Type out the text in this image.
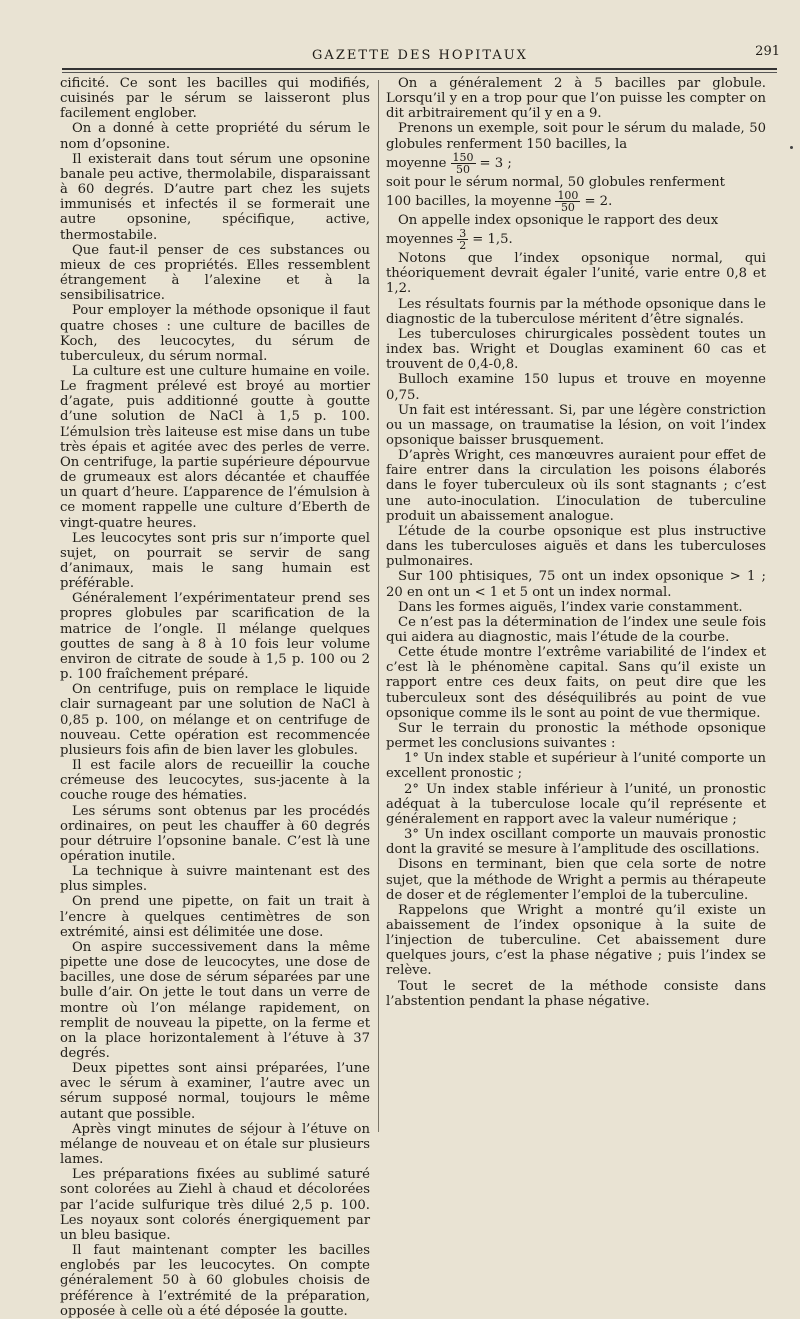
GAZETTE DES HOPITAUX	291

cificité. Ce sont les bacilles qui modifiés, cuisinés par le sérum se laisseront plus facilement englober.

On a donné à cette propriété du sérum le nom d’opsonine.

Il existerait dans tout sérum une opsonine banale peu active, thermolabile, disparaissant à 60 degrés. D’autre part chez les sujets immunisés et infectés il se formerait une autre opsonine, spécifique, active, thermostabile.

Que faut-il penser de ces substances ou mieux de ces propriétés. Elles ressemblent étrangement à l’alexine et à la sensibilisatrice.

Pour employer la méthode opsonique il faut quatre choses : une culture de bacilles de Koch, des leucocytes, du sérum de tuberculeux, du sérum normal.

La culture est une culture humaine en voile. Le fragment prélevé est broyé au mortier d’agate, puis additionné goutte à goutte d’une solution de NaCl à 1,5 p. 100. L’émulsion très laiteuse est mise dans un tube très épais et agitée avec des perles de verre. On centrifuge, la partie supérieure dépourvue de grumeaux est alors décantée et chauffée un quart d’heure. L’apparence de l’émulsion à ce moment rappelle une culture d’Eberth de vingt-quatre heures.

Les leucocytes sont pris sur n’importe quel sujet, on pourrait se servir de sang d’animaux, mais le sang humain est préférable.

Généralement l’expérimentateur prend ses propres globules par scarification de la matrice de l’ongle. Il mélange quelques gouttes de sang à 8 à 10 fois leur volume environ de citrate de soude à 1,5 p. 100 ou 2 p. 100 fraîchement préparé.

On centrifuge, puis on remplace le liquide clair surnageant par une solution de NaCl à 0,85 p. 100, on mélange et on centrifuge de nouveau. Cette opération est recommencée plusieurs fois afin de bien laver les globules.

Il est facile alors de recueillir la couche crémeuse des leucocytes, sus-jacente à la couche rouge des hématies.

Les sérums sont obtenus par les procédés ordinaires, on peut les chauffer à 60 degrés pour détruire l’opsonine banale. C’est là une opération inutile.

La technique à suivre maintenant est des plus simples.

On prend une pipette, on fait un trait à l’encre à quelques centimètres de son extrémité, ainsi est délimitée une dose.

On aspire successivement dans la même pipette une dose de leucocytes, une dose de bacilles, une dose de sérum séparées par une bulle d’air. On jette le tout dans un verre de montre où l’on mélange rapidement, on remplit de nouveau la pipette, on la ferme et on la place horizontalement à l’étuve à 37 degrés.

Deux pipettes sont ainsi préparées, l’une avec le sérum à examiner, l’autre avec un sérum supposé normal, toujours le même autant que possible.

Après vingt minutes de séjour à l’étuve on mélange de nouveau et on étale sur plusieurs lames.

Les préparations fixées au sublimé saturé sont colorées au Ziehl à chaud et décolorées par l’acide sulfurique très dilué 2,5 p. 100. Les noyaux sont colorés énergiquement par un bleu basique.

Il faut maintenant compter les bacilles englobés par les leucocytes. On compte généralement 50 à 60 globules choisis de préférence à l’extrémité de la préparation, opposée à celle où a été déposée la goutte.

On a généralement 2 à 5 bacilles par globule. Lorsqu’il y en a trop pour que l’on puisse les compter on dit arbitrairement qu’il y en a 9.

Prenons un exemple, soit pour le sérum du malade, 50 globules renferment 150 bacilles, la

moyenne $\frac{150}{50} = 3$ ;

soit pour le sérum normal, 50 globules renferment

100 bacilles, la moyenne $\frac{100}{50} = 2$.

On appelle index opsonique le rapport des deux

moyennes $\frac{3}{2} = 1,5$.

Notons que l’index opsonique normal, qui théoriquement devrait égaler l’unité, varie entre 0,8 et 1,2.

Les résultats fournis par la méthode opsonique dans le diagnostic de la tuberculose méritent d’être signalés.

Les tuberculoses chirurgicales possèdent toutes un index bas. Wright et Douglas examinent 60 cas et trouvent de 0,4-0,8.

Bulloch examine 150 lupus et trouve en moyenne 0,75.

Un fait est intéressant. Si, par une légère constriction ou un massage, on traumatise la lésion, on voit l’index opsonique baisser brusquement.

D’après Wright, ces manœuvres auraient pour effet de faire entrer dans la circulation les poisons élaborés dans le foyer tuberculeux où ils sont stagnants ; c’est une auto-inoculation. L’inoculation de tuberculine produit un abaissement analogue.

L’étude de la courbe opsonique est plus instructive dans les tuberculoses aiguës et dans les tuberculoses pulmonaires.

Sur 100 phtisiques, 75 ont un index opsonique > 1 ; 20 en ont un < 1 et 5 ont un index normal.

Dans les formes aiguës, l’index varie constamment.

Ce n’est pas la détermination de l’index une seule fois qui aidera au diagnostic, mais l’étude de la courbe.

Cette étude montre l’extrême variabilité de l’index et c’est là le phénomène capital. Sans qu’il existe un rapport entre ces deux faits, on peut dire que les tuberculeux sont des déséquilibrés au point de vue opsonique comme ils le sont au point de vue thermique.

Sur le terrain du pronostic la méthode opsonique permet les conclusions suivantes :

1° Un index stable et supérieur à l’unité comporte un excellent pronostic ;

2° Un index stable inférieur à l’unité, un pronostic adéquat à la tuberculose locale qu’il représente et généralement en rapport avec la valeur numérique ;

3° Un index oscillant comporte un mauvais pronostic dont la gravité se mesure à l’amplitude des oscillations.

Disons en terminant, bien que cela sorte de notre sujet, que la méthode de Wright a permis au thérapeute de doser et de réglementer l’emploi de la tuberculine.

Rappelons que Wright a montré qu’il existe un abaissement de l’index opsonique à la suite de l’injection de tuberculine. Cet abaissement dure quelques jours, c’est la phase négative ; puis l’index se relève.

Tout le secret de la méthode consiste dans l’abstention pendant la phase négative.
